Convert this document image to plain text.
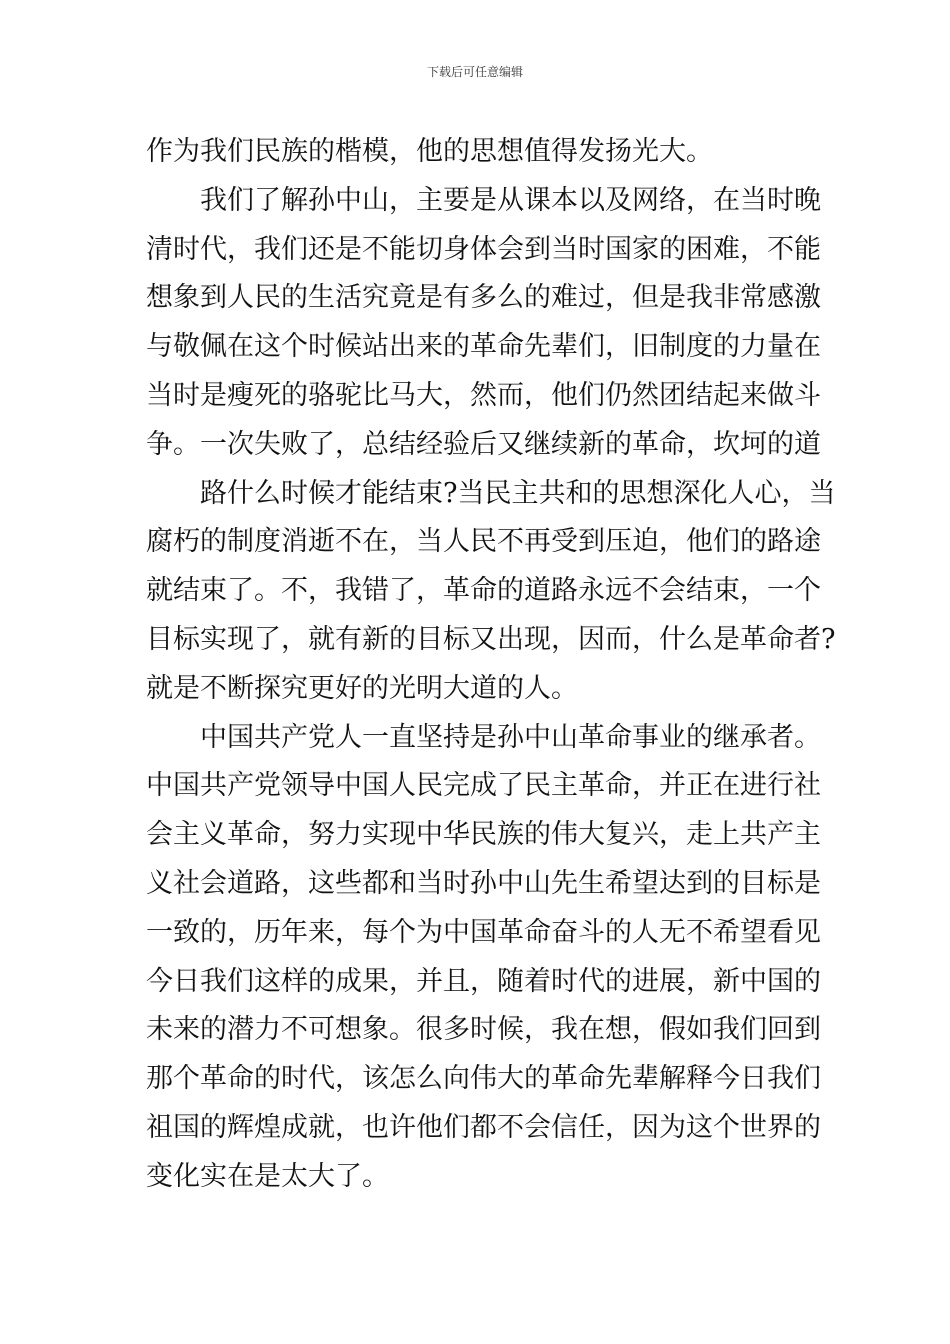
下载后可任意编辑
作为我们民族的楷模，他的思想值得发扬光大。
我们了解孙中山，主要是从课本以及网络，在当时晚
清时代，我们还是不能切身体会到当时国家的困难，不能
想象到人民的生活究竟是有多么的难过，但是我非常感激
与敬佩在这个时候站出来的革命先辈们，旧制度的力量在
当时是瘦死的骆驼比马大，然而，他们仍然团结起来做斗
争。一次失败了，总结经验后又继续新的革命，坎坷的道
路什么时候才能结束?当民主共和的思想深化人心，当
腐朽的制度消逝不在，当人民不再受到压迫，他们的路途
就结束了。不，我错了，革命的道路永远不会结束，一个
目标实现了，就有新的目标又出现，因而，什么是革命者?
就是不断探究更好的光明大道的人。
中国共产党人一直坚持是孙中山革命事业的继承者。
中国共产党领导中国人民完成了民主革命，并正在进行社
会主义革命，努力实现中华民族的伟大复兴，走上共产主
义社会道路，这些都和当时孙中山先生希望达到的目标是
一致的，历年来，每个为中国革命奋斗的人无不希望看见
今日我们这样的成果，并且，随着时代的进展，新中国的
未来的潜力不可想象。很多时候，我在想，假如我们回到
那个革命的时代，该怎么向伟大的革命先辈解释今日我们
祖国的辉煌成就，也许他们都不会信任，因为这个世界的
变化实在是太大了。
